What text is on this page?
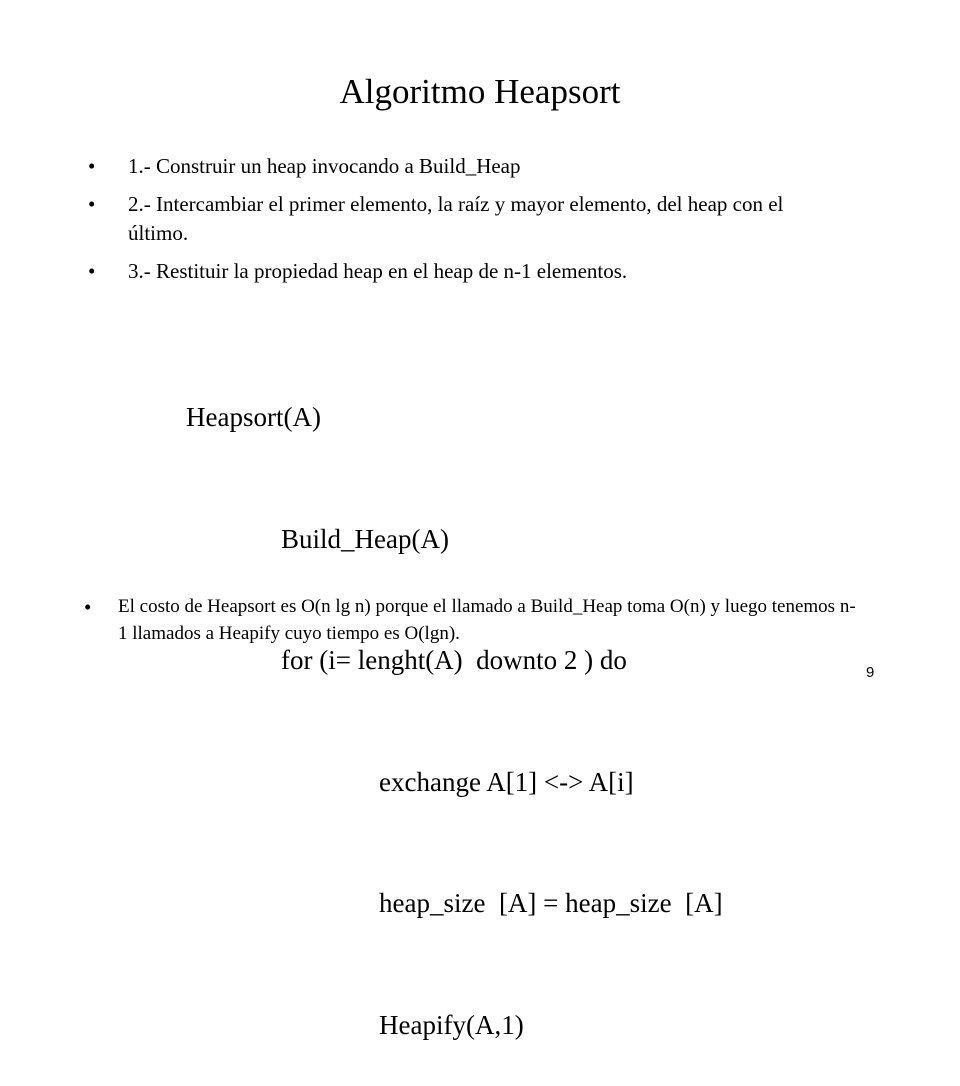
Algoritmo Heapsort
•	1.- Construir un heap invocando a Build_Heap
•	2.- Intercambiar el primer elemento, la raíz y mayor elemento, del heap con el último.
•	3.- Restituir la propiedad heap en el heap de n-1 elementos.

Heapsort(A)

Build_Heap(A)

for (i= lenght(A)  downto 2 ) do

exchange A[1] <-> A[i]

heap_size  [A] = heap_size  [A]

Heapify(A,1)

•	El costo de Heapsort es O(n lg n) porque el llamado a Build_Heap toma O(n) y luego tenemos n-1 llamados a Heapify cuyo tiempo es O(lgn).
9
